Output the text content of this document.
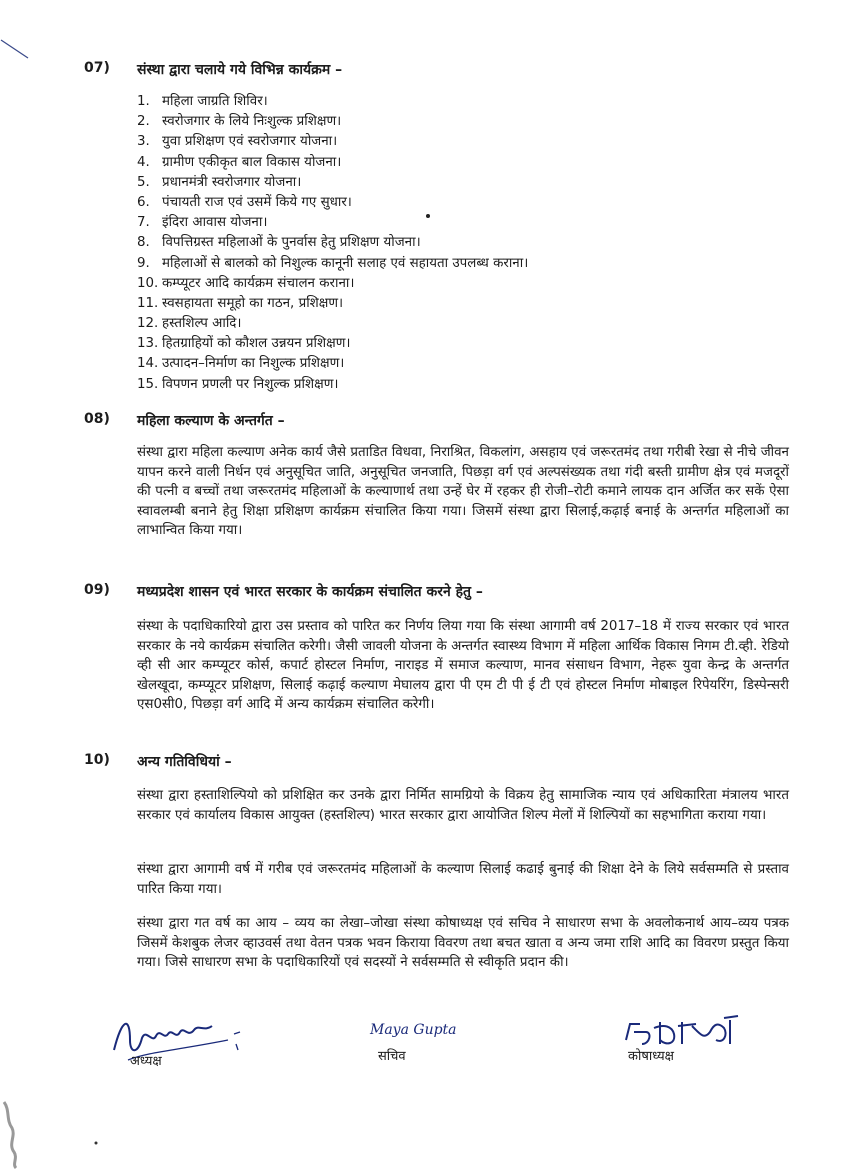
07) संस्था द्वारा चलाये गये विभिन्न कार्यक्रम –
1. महिला जाग्रति शिविर।
2. स्वरोजगार के लिये निःशुल्क प्रशिक्षण।
3. युवा प्रशिक्षण एवं स्वरोजगार योजना।
4. ग्रामीण एकीकृत बाल विकास योजना।
5. प्रधानमंत्री स्वरोजगार योजना।
6. पंचायती राज एवं उसमें किये गए सुधार।
7. इंदिरा आवास योजना।
8. विपत्तिग्रस्त महिलाओं के पुनर्वास हेतु प्रशिक्षण योजना।
9. महिलाओं से बालको को निशुल्क कानूनी सलाह एवं सहायता उपलब्ध कराना।
10. कम्प्यूटर आदि कार्यक्रम संचालन कराना।
11. स्वसहायता समूहो का गठन, प्रशिक्षण।
12. हस्तशिल्प आदि।
13. हितग्राहियों को कौशल उन्नयन प्रशिक्षण।
14. उत्पादन–निर्माण का निशुल्क प्रशिक्षण।
15. विपणन प्रणली पर निशुल्क प्रशिक्षण।
08) महिला कल्याण के अन्तर्गत –

संस्था द्वारा महिला कल्याण अनेक कार्य जैसे प्रताडित विधवा, निराश्रित, विकलांग, असहाय एवं जरूरतमंद तथा गरीबी रेखा से नीचे जीवन यापन करने वाली निर्धन एवं अनुसूचित जाति, अनुसूचित जनजाति, पिछड़ा वर्ग एवं अल्पसंख्यक तथा गंदी बस्ती ग्रामीण क्षेत्र एवं मजदूरों की पत्नी व बच्चों तथा जरूरतमंद महिलाओं के कल्याणार्थ तथा उन्हें घेर में रहकर ही रोजी–रोटी कमाने लायक दान अर्जित कर सकें ऐसा स्वावलम्बी बनाने हेतु शिक्षा प्रशिक्षण कार्यक्रम संचालित किया गया। जिसमें संस्था द्वारा सिलाई,कढ़ाई बनाई के अन्तर्गत महिलाओं का लाभान्वित किया गया।

09) मध्यप्रदेश शासन एवं भारत सरकार के कार्यक्रम संचालित करने हेतु –

संस्था के पदाधिकारियो द्वारा उस प्रस्ताव को पारित कर निर्णय लिया गया कि संस्था आगामी वर्ष 2017–18 में राज्य सरकार एवं भारत सरकार के नये कार्यक्रम संचालित करेगी। जैसी जावली योजना के अन्तर्गत स्वास्थ्य विभाग में महिला आर्थिक विकास निगम टी.व्ही. रेडियो व्ही सी आर कम्प्यूटर कोर्स, कपार्ट होस्टल निर्माण, नाराइड में समाज कल्याण, मानव संसाधन विभाग, नेहरू युवा केन्द्र के अन्तर्गत खेलखूदा, कम्प्यूटर प्रशिक्षण, सिलाई कढ़ाई कल्याण मेघालय द्वारा पी एम टी पी ई टी एवं होस्टल निर्माण मोबाइल रिपेयरिंग, डिस्पेन्सरी एस0सी0, पिछड़ा वर्ग आदि में अन्य कार्यक्रम संचालित करेगी।

10) अन्य गतिविधियां –

संस्था द्वारा हस्ताशिल्पियो को प्रशिक्षित कर उनके द्वारा निर्मित सामग्रियो के विक्रय हेतु सामाजिक न्याय एवं अधिकारिता मंत्रालय भारत सरकार एवं कार्यालय विकास आयुक्त (हस्तशिल्प) भारत सरकार द्वारा आयोजित शिल्प मेलों में शिल्पियों का सहभागिता कराया गया।

संस्था द्वारा आगामी वर्ष में गरीब एवं जरूरतमंद महिलाओं के कल्याण सिलाई कढाई बुनाई की शिक्षा देने के लिये सर्वसम्मति से प्रस्ताव पारित किया गया।

संस्था द्वारा गत वर्ष का आय – व्यय का लेखा–जोखा संस्था कोषाध्यक्ष एवं सचिव ने साधारण सभा के अवलोकनार्थ आय–व्यय पत्रक जिसमें केशबुक लेजर व्हाउवर्स तथा वेतन पत्रक भवन किराया विवरण तथा बचत खाता व अन्य जमा राशि आदि का विवरण प्रस्तुत किया गया। जिसे साधारण सभा के पदाधिकारियों एवं सदस्यों ने सर्वसम्मति से स्वीकृति प्रदान की।

अध्यक्ष
Maya Gupta
सचिव	कोषाध्यक्ष
